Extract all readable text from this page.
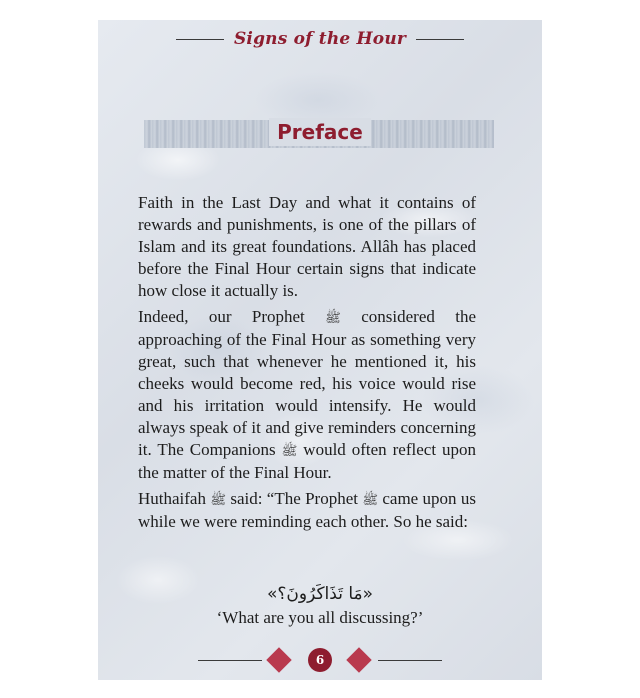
Signs of the Hour
Preface

Faith in the Last Day and what it contains of rewards and punishments, is one of the pillars of Islam and its great foundations. Allâh has placed before the Final Hour certain signs that indicate how close it actually is.

Indeed, our Prophet ﷺ considered the approaching of the Final Hour as something very great, such that whenever he mentioned it, his cheeks would become red, his voice would rise and his irritation would intensify. He would always speak of it and give reminders concerning it. The Companions ﷺ would often reflect upon the matter of the Final Hour.

Huthaifah ﷺ said: “The Prophet ﷺ came upon us while we were reminding each other. So he said:

«مَا تَذَاكَرُونَ؟»
‘What are you all discussing?’
6
